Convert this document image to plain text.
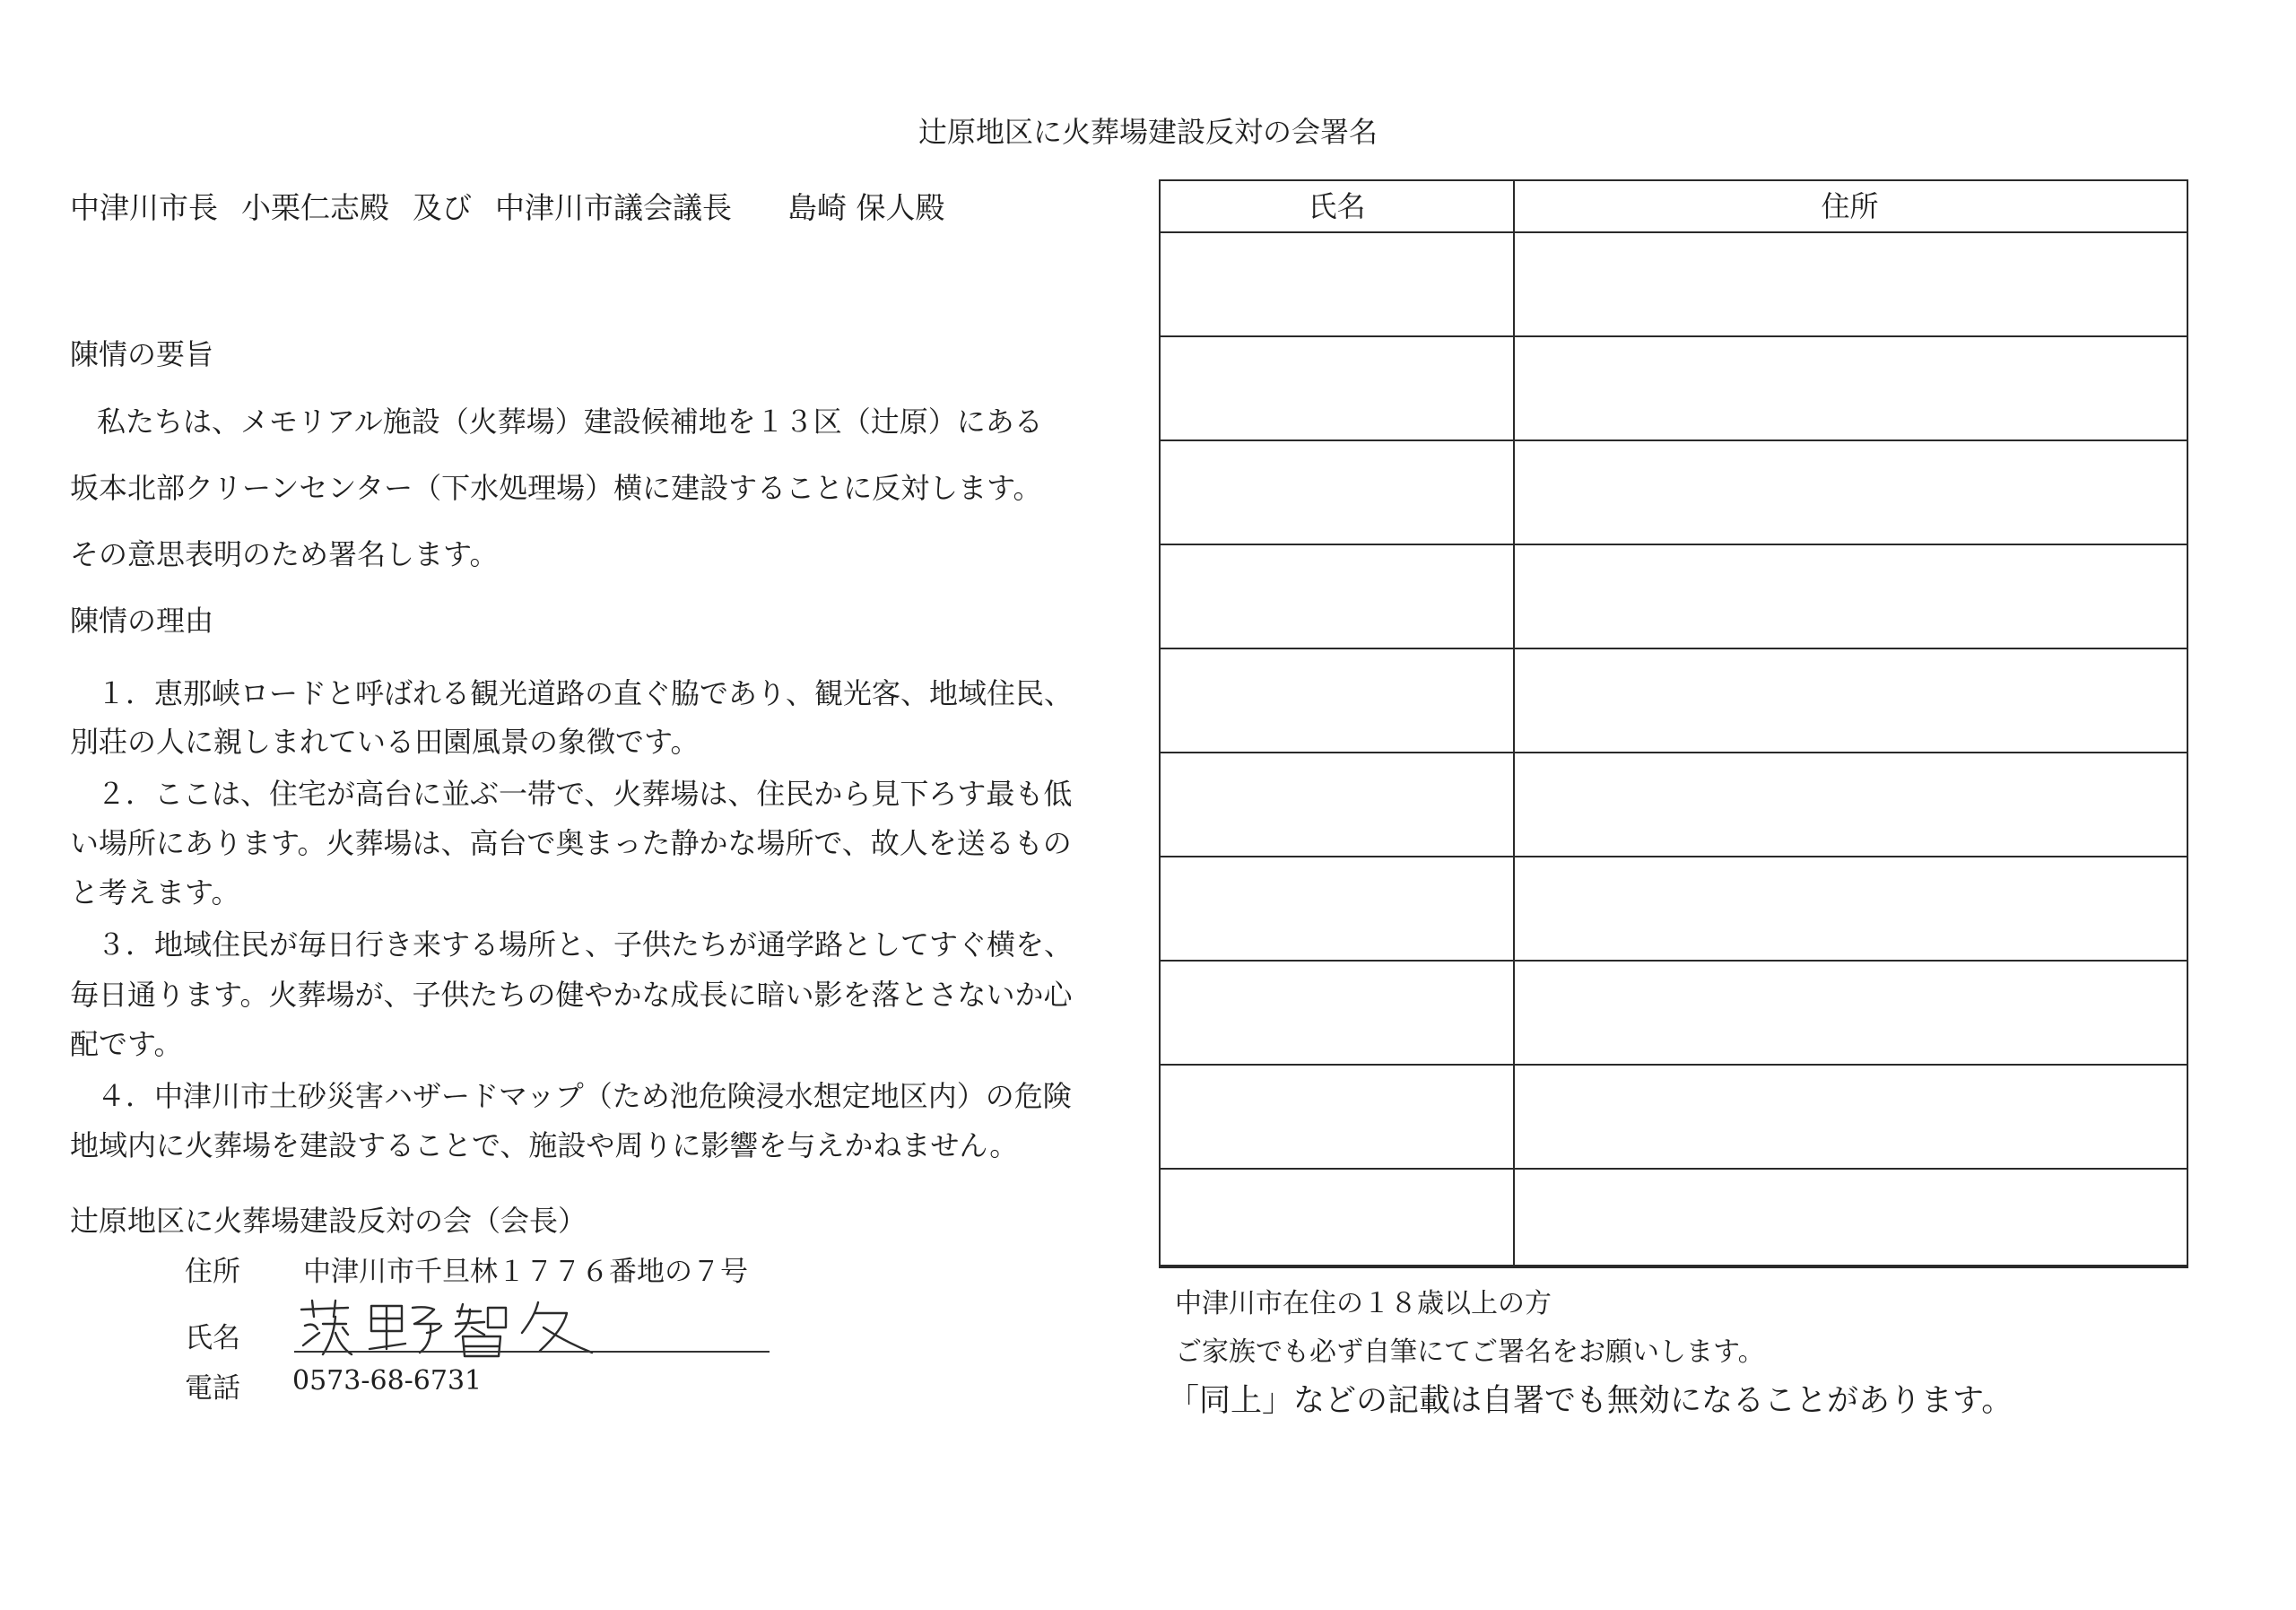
辻原地区に火葬場建設反対の会署名
中津川市長 小栗仁志殿 及び 中津川市議会議長 島崎 保人殿
陳情の要旨
私たちは、メモリアル施設（火葬場）建設候補地を１３区（辻原）にある
坂本北部クリーンセンター（下水処理場）横に建設することに反対します。
その意思表明のため署名します。
陳情の理由
１．恵那峡ロードと呼ばれる観光道路の直ぐ脇であり、観光客、地域住民、
別荘の人に親しまれている田園風景の象徴です。
２．ここは、住宅が高台に並ぶ一帯で、火葬場は、住民から見下ろす最も低
い場所にあります。火葬場は、高台で奥まった静かな場所で、故人を送るもの
と考えます。
３．地域住民が毎日行き来する場所と、子供たちが通学路としてすぐ横を、
毎日通ります。火葬場が、子供たちの健やかな成長に暗い影を落とさないか心
配です。
４．中津川市土砂災害ハザードマップ（ため池危険浸水想定地区内）の危険
地域内に火葬場を建設することで、施設や周りに影響を与えかねません。
辻原地区に火葬場建設反対の会（会長）
住所 中津川市千旦林１７７６番地の７号
氏名
電話 0573-68-6731
氏名	住所
中津川市在住の１８歳以上の方
ご家族でも必ず自筆にてご署名をお願いします。
「同上」などの記載は自署でも無効になることがあります。
